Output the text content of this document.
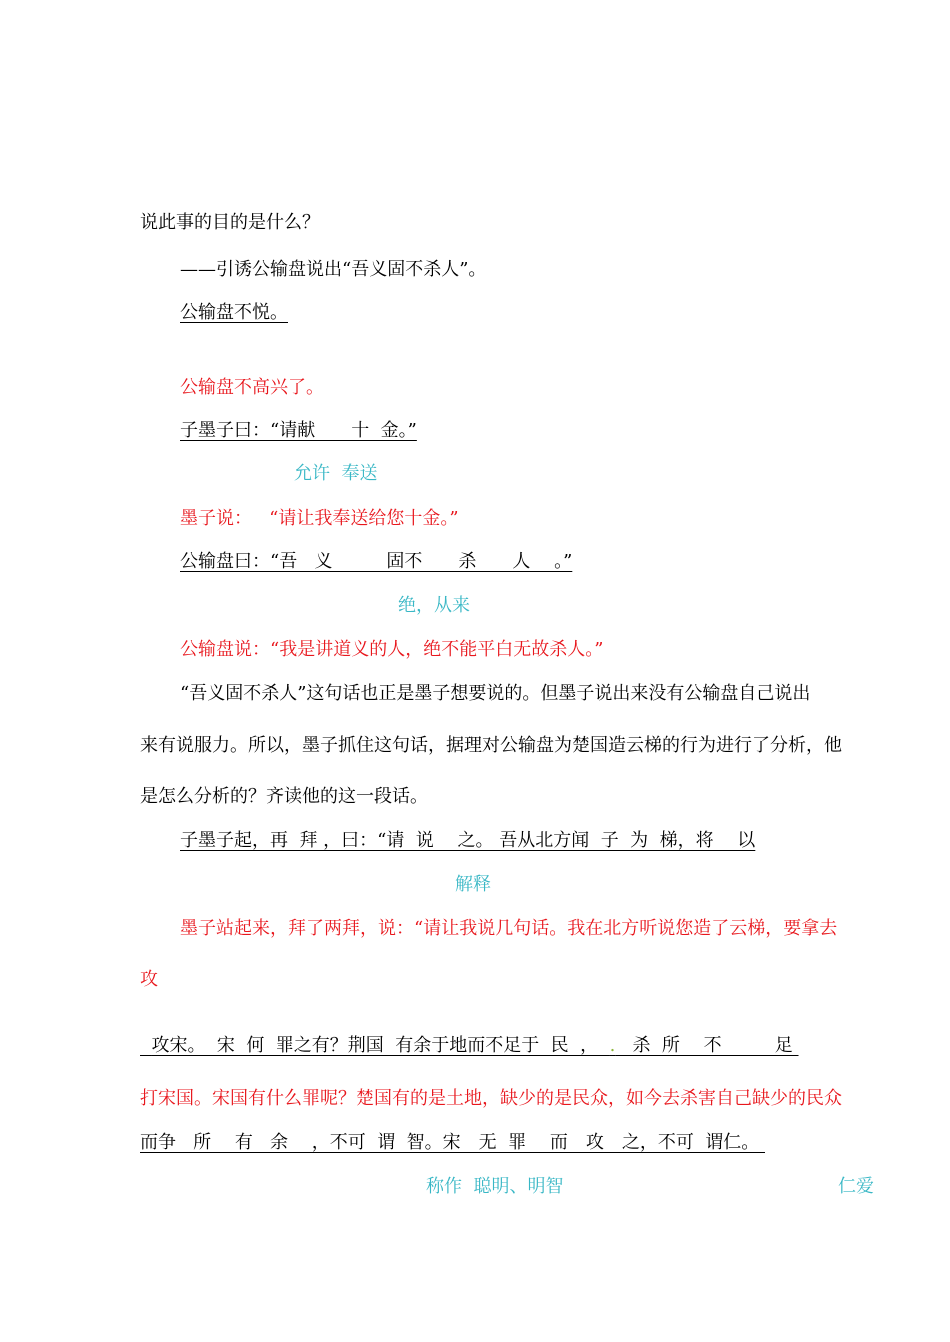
说此事的目的是什么？
——引诱公输盘说出“吾义固不杀人”。
公输盘不悦。
公输盘不高兴了。
子墨子曰：“请献　　十  金。”
允许  奉送
墨子说：   “请让我奉送给您十金。”
公输盘曰：“吾   义　　　固不　　杀　　人　 。”
绝，从来
公输盘说：“我是讲道义的人，绝不能平白无故杀人。”
“吾义固不杀人”这句话也正是墨子想要说的。但墨子说出来没有公输盘自己说出
来有说服力。所以，墨子抓住这句话，据理对公输盘为楚国造云梯的行为进行了分析，他
是怎么分析的？齐读他的这一段话。
子墨子起，再  拜 ，曰：“请  说　 之。 吾从北方闻  子  为  梯，将　 以
解释
墨子站起来，拜了两拜，说：“请让我说几句话。我在北方听说您造了云梯，要拿去
攻

攻宋。  宋  何  罪之有？荆国  有余于地而不足于  民  ，  .   杀  所　 不　　   足

打宋国。宋国有什么罪呢？楚国有的是土地，缺少的是民众，如今去杀害自己缺少的民众
而争   所　 有   余　 ，不可  谓  智。宋　无  罪　 而　攻　之，不可  谓仁。
称作  聪明、明智	仁爱
